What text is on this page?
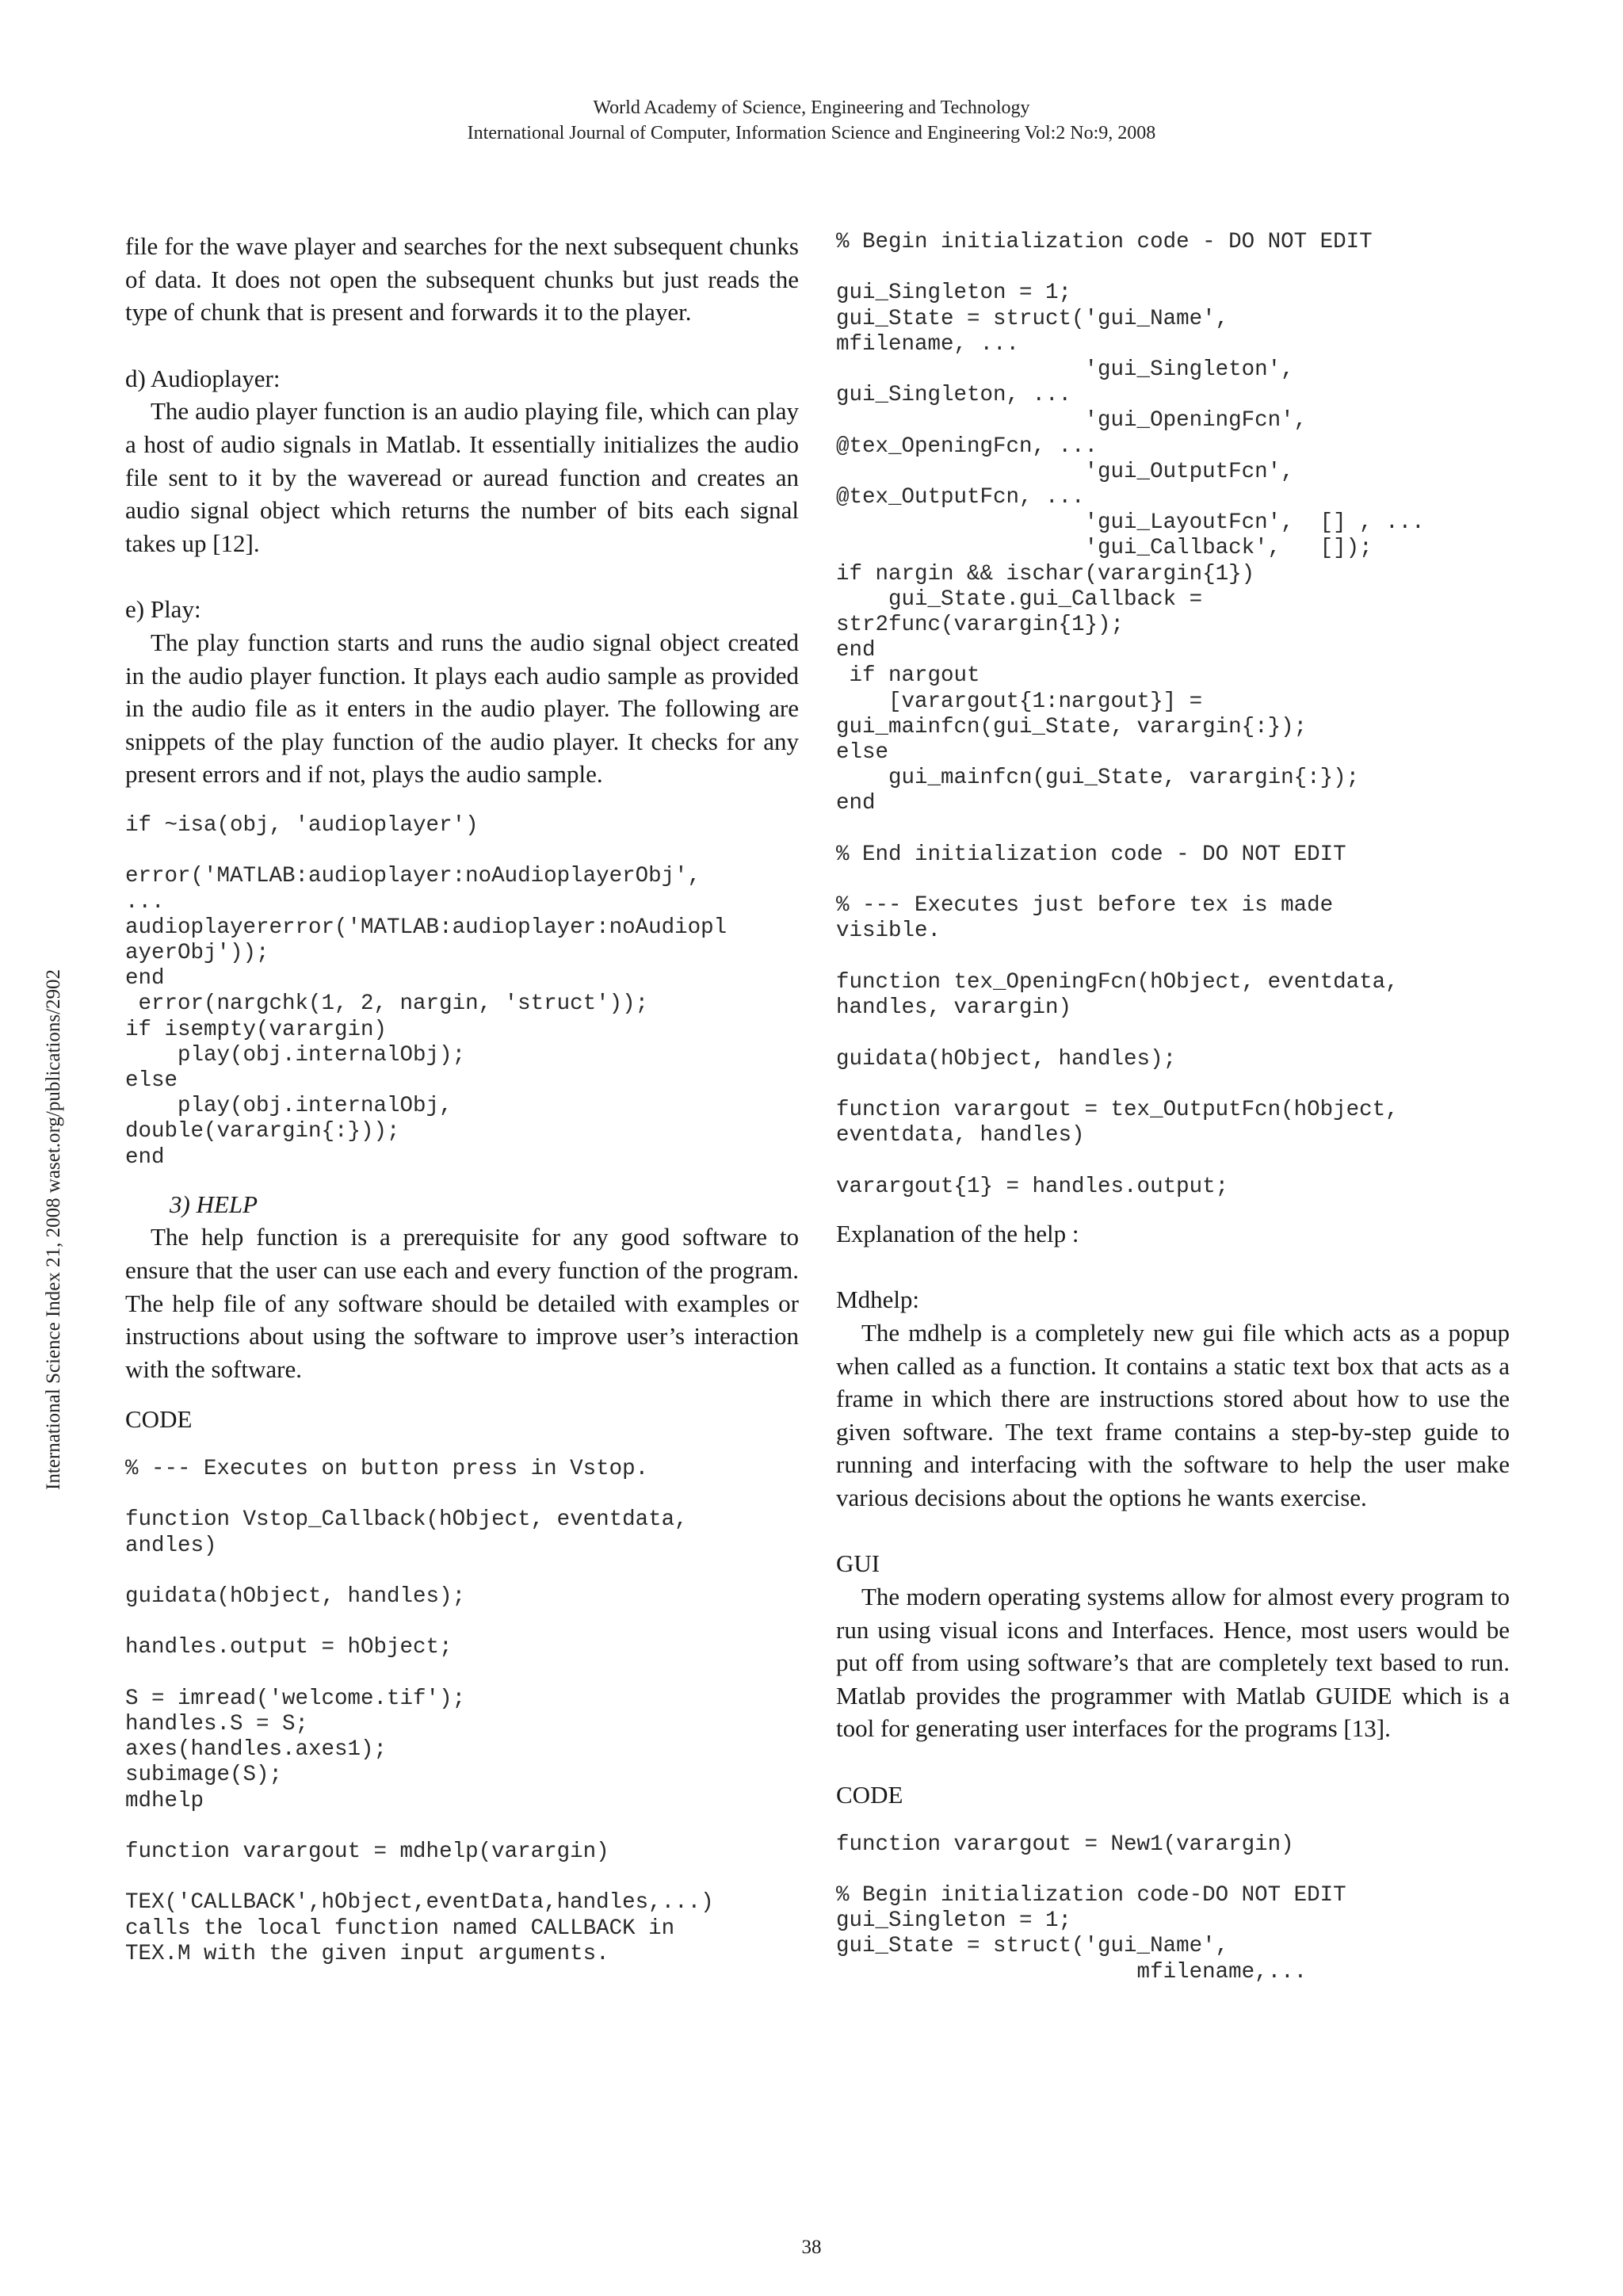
World Academy of Science, Engineering and Technology
International Journal of Computer, Information Science and Engineering Vol:2 No:9, 2008
International Science Index 21, 2008 waset.org/publications/2902

file for the wave player and searches for the next subsequent chunks of data. It does not open the subsequent chunks but just reads the type of chunk that is present and forwards it to the player.

d) Audioplayer:

The audio player function is an audio playing file, which can play a host of audio signals in Matlab. It essentially initializes the audio file sent to it by the waveread or auread function and creates an audio signal object which returns the number of bits each signal takes up [12].

e) Play:

The play function starts and runs the audio signal object created in the audio player function. It plays each audio sample as provided in the audio file as it enters in the audio player. The following are snippets of the play function of the audio player. It checks for any present errors and if not, plays the audio sample.

if ~isa(obj, 'audioplayer')

error('MATLAB:audioplayer:noAudioplayerObj',
...
audioplayererror('MATLAB:audioplayer:noAudiopl
ayerObj'));
end
error(nargchk(1, 2, nargin, 'struct'));
if isempty(varargin)
play(obj.internalObj);
else
play(obj.internalObj,
double(varargin{:}));
end

3) HELP

The help function is a prerequisite for any good software to ensure that the user can use each and every function of the program. The help file of any software should be detailed with examples or instructions about using the software to improve user’s interaction with the software.

CODE

% --- Executes on button press in Vstop.

function Vstop_Callback(hObject, eventdata,
andles)

guidata(hObject, handles);

handles.output = hObject;

S = imread('welcome.tif');
handles.S = S;
axes(handles.axes1);
subimage(S);
mdhelp

function varargout = mdhelp(varargin)

TEX('CALLBACK',hObject,eventData,handles,...)
calls the local function named CALLBACK in
TEX.M with the given input arguments.
% Begin initialization code - DO NOT EDIT

gui_Singleton = 1;
gui_State = struct('gui_Name',
mfilename, ...
'gui_Singleton',
gui_Singleton, ...
'gui_OpeningFcn',
@tex_OpeningFcn, ...
'gui_OutputFcn',
@tex_OutputFcn, ...
'gui_LayoutFcn',  [] , ...
'gui_Callback',   []);
if nargin && ischar(varargin{1})
gui_State.gui_Callback =
str2func(varargin{1});
end
if nargout
[varargout{1:nargout}] =
gui_mainfcn(gui_State, varargin{:});
else
gui_mainfcn(gui_State, varargin{:});
end

% End initialization code - DO NOT EDIT

% --- Executes just before tex is made
visible.

function tex_OpeningFcn(hObject, eventdata,
handles, varargin)

guidata(hObject, handles);

function varargout = tex_OutputFcn(hObject,
eventdata, handles)

varargout{1} = handles.output;

Explanation of the help :

Mdhelp:

The mdhelp is a completely new gui file which acts as a popup when called as a function. It contains a static text box that acts as a frame in which there are instructions stored about how to use the given software. The text frame contains a step-by-step guide to running and interfacing with the software to help the user make various decisions about the options he wants exercise.

GUI

The modern operating systems allow for almost every program to run using visual icons and Interfaces. Hence, most users would be put off from using software’s that are completely text based to run. Matlab provides the programmer with Matlab GUIDE which is a tool for generating user interfaces for the programs [13].

CODE

function varargout = New1(varargin)

% Begin initialization code-DO NOT EDIT
gui_Singleton = 1;
gui_State = struct('gui_Name',
mfilename,...
38
